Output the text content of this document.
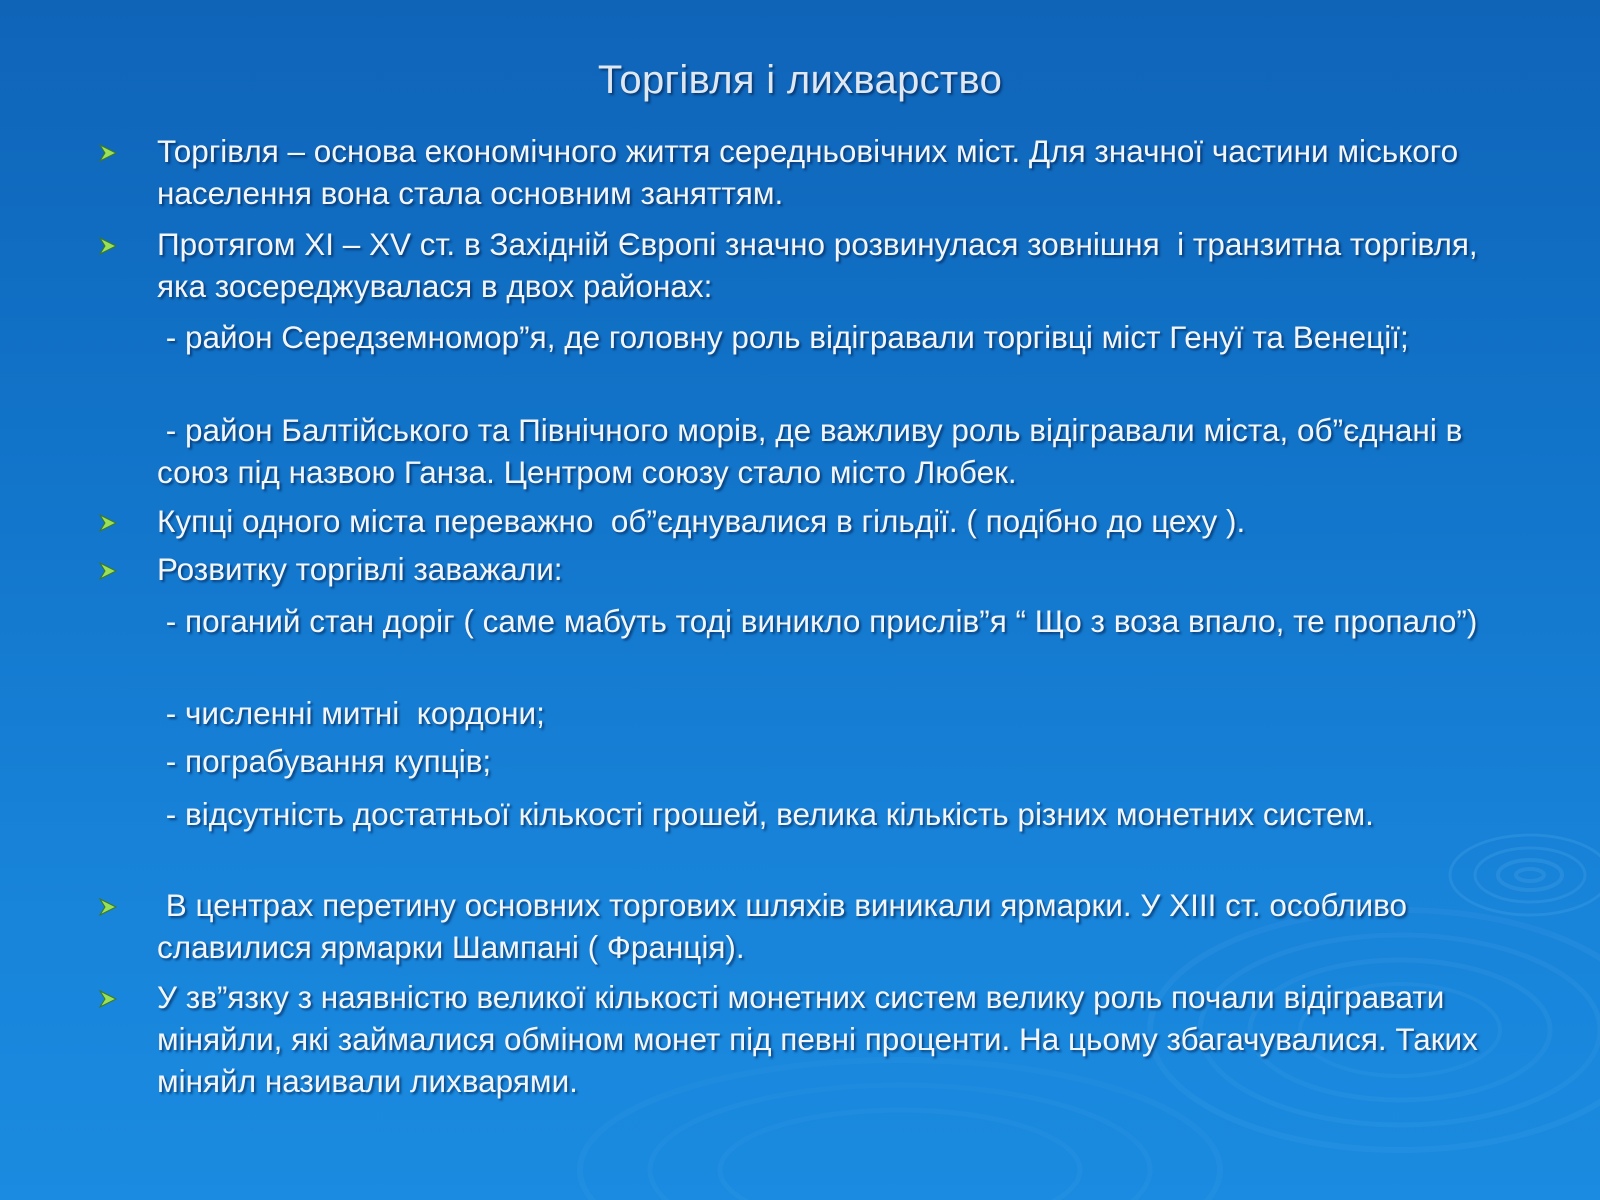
Торгівля і лихварство
Торгівля – основа економічного життя середньовічних міст. Для значної частини міського населення вона стала основним заняттям.
Протягом XI – XV ст. в Західній Європі значно розвинулася зовнішня  і транзитна торгівля, яка зосереджувалася в двох районах:
- район Середземномор”я, де головну роль відігравали торгівці міст Генуї та Венеції;
- район Балтійського та Північного морів, де важливу роль відігравали міста, об”єднані в союз під назвою Ганза. Центром союзу стало місто Любек.
Купці одного міста переважно  об”єднувалися в гільдії. ( подібно до цеху ).
Розвитку торгівлі заважали:
- поганий стан доріг ( саме мабуть тоді виникло прислів”я “ Що з воза впало, те пропало”)
- численні митні  кордони;
- пограбування купців;
- відсутність достатньої кількості грошей, велика кількість різних монетних систем.
В центрах перетину основних торгових шляхів виникали ярмарки. У XIII ст. особливо славилися ярмарки Шампані ( Франція).
У зв”язку з наявністю великої кількості монетних систем велику роль почали відігравати міняйли, які займалися обміном монет під певні проценти. На цьому збагачувалися. Таких міняйл називали лихварями.
